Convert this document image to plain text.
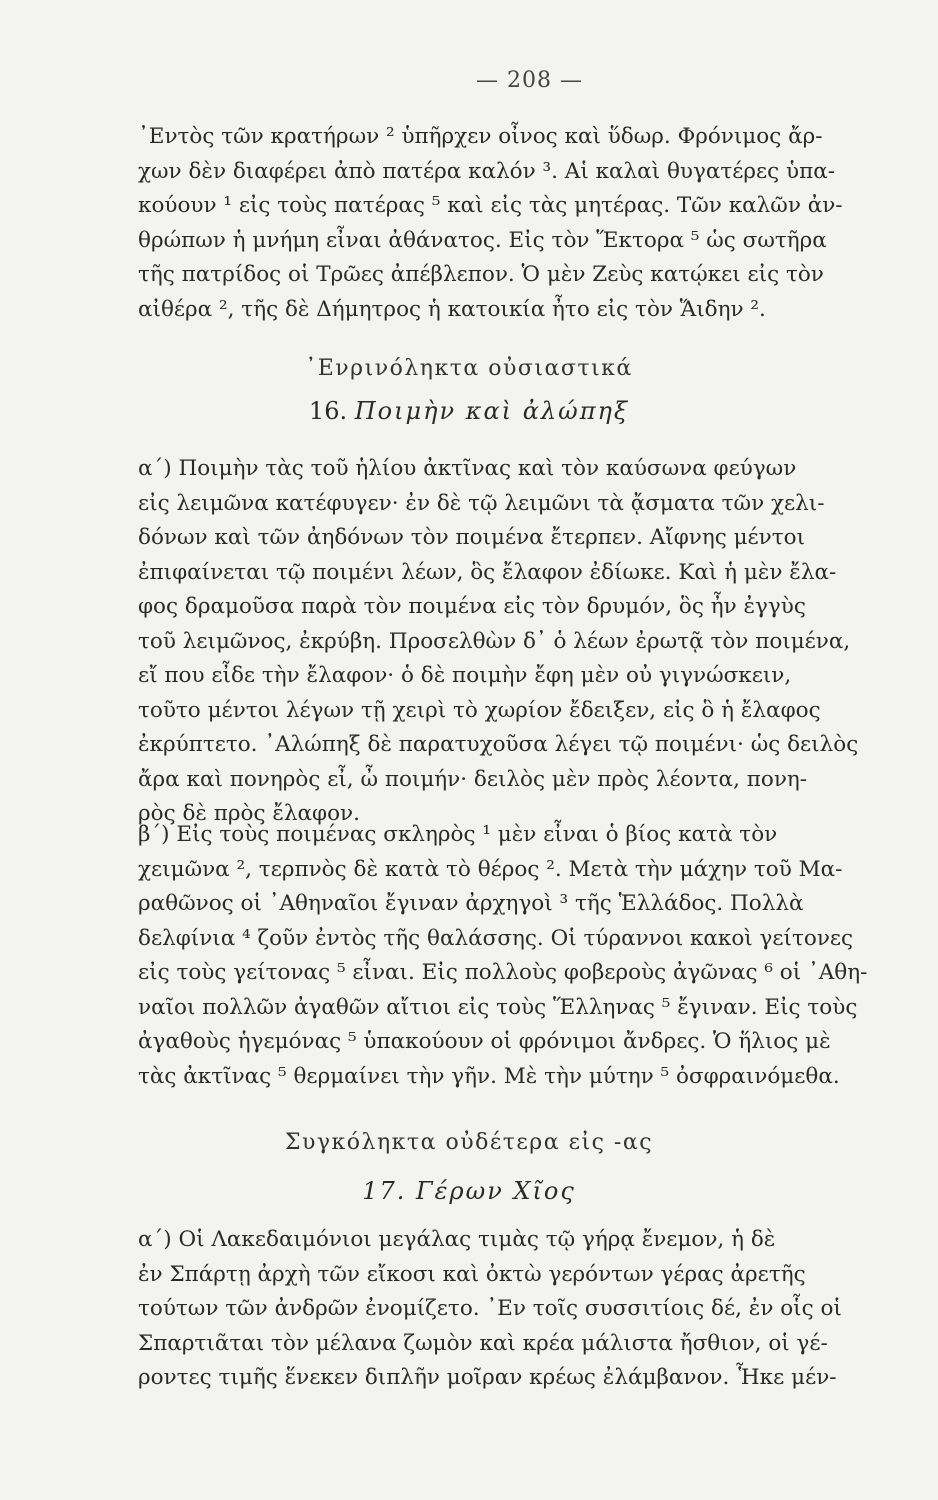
— 208 —
᾿Εντὸς τῶν κρατήρων ² ὑπῆρχεν οἶνος καὶ ὕδωρ. Φρόνιμος ἄρ-
χων δὲν διαφέρει ἀπὸ πατέρα καλόν ³. Αἱ καλαὶ θυγατέρες ὑπα-
κούουν ¹ εἰς τοὺς πατέρας ⁵ καὶ εἰς τὰς μητέρας. Τῶν καλῶν ἀν-
θρώπων ἡ μνήμη εἶναι ἀθάνατος. Εἰς τὸν Ἕκτορα ⁵ ὡς σωτῆρα
τῆς πατρίδος οἱ Τρῶες ἀπέβλεπον. Ὁ μὲν Ζεὺς κατῴκει εἰς τὸν
αἰθέρα ², τῆς δὲ Δήμητρος ἡ κατοικία ἦτο εἰς τὸν Ἅιδην ².
᾿Ενρινόληκτα οὐσιαστικά
16. Ποιμὴν καὶ ἀλώπηξ
α΄) Ποιμὴν τὰς τοῦ ἡλίου ἀκτῖνας καὶ τὸν καύσωνα φεύγων
εἰς λειμῶνα κατέφυγεν· ἐν δὲ τῷ λειμῶνι τὰ ᾄσματα τῶν χελι-
δόνων καὶ τῶν ἀηδόνων τὸν ποιμένα ἔτερπεν. Αἴφνης μέντοι
ἐπιφαίνεται τῷ ποιμένι λέων, ὃς ἔλαφον ἐδίωκε. Καὶ ἡ μὲν ἔλα-
φος δραμοῦσα παρὰ τὸν ποιμένα εἰς τὸν δρυμόν, ὃς ἦν ἐγγὺς
τοῦ λειμῶνος, ἐκρύβη. Προσελθὼν δ᾿ ὁ λέων ἐρωτᾷ τὸν ποιμένα,
εἴ που εἶδε τὴν ἔλαφον· ὁ δὲ ποιμὴν ἔφη μὲν οὐ γιγνώσκειν,
τοῦτο μέντοι λέγων τῇ χειρὶ τὸ χωρίον ἔδειξεν, εἰς ὃ ἡ ἔλαφος
ἐκρύπτετο. ᾿Αλώπηξ δὲ παρατυχοῦσα λέγει τῷ ποιμένι· ὡς δειλὸς
ἄρα καὶ πονηρὸς εἶ, ὦ ποιμήν· δειλὸς μὲν πρὸς λέοντα, πονη-
ρὸς δὲ πρὸς ἔλαφον.
β΄) Εἰς τοὺς ποιμένας σκληρὸς ¹ μὲν εἶναι ὁ βίος κατὰ τὸν
χειμῶνα ², τερπνὸς δὲ κατὰ τὸ θέρος ². Μετὰ τὴν μάχην τοῦ Μα-
ραθῶνος οἱ ᾿Αθηναῖοι ἔγιναν ἀρχηγοὶ ³ τῆς Ἑλλάδος. Πολλὰ
δελφίνια ⁴ ζοῦν ἐντὸς τῆς θαλάσσης. Οἱ τύραννοι κακοὶ γείτονες
εἰς τοὺς γείτονας ⁵ εἶναι. Εἰς πολλοὺς φοβεροὺς ἀγῶνας ⁶ οἱ ᾿Αθη-
ναῖοι πολλῶν ἀγαθῶν αἴτιοι εἰς τοὺς Ἕλληνας ⁵ ἔγιναν. Εἰς τοὺς
ἀγαθοὺς ἡγεμόνας ⁵ ὑπακούουν οἱ φρόνιμοι ἄνδρες. Ὁ ἥλιος μὲ
τὰς ἀκτῖνας ⁵ θερμαίνει τὴν γῆν. Μὲ τὴν μύτην ⁵ ὀσφραινόμεθα.
Συγκόληκτα οὐδέτερα εἰς -ας
17. Γέρων Χῖος
α΄) Οἱ Λακεδαιμόνιοι μεγάλας τιμὰς τῷ γήρᾳ ἔνεμον, ἡ δὲ
ἐν Σπάρτῃ ἀρχὴ τῶν εἴκοσι καὶ ὀκτὼ γερόντων γέρας ἀρετῆς
τούτων τῶν ἀνδρῶν ἐνομίζετο. ᾿Εν τοῖς συσσιτίοις δέ, ἐν οἷς οἱ
Σπαρτιᾶται τὸν μέλανα ζωμὸν καὶ κρέα μάλιστα ἤσθιον, οἱ γέ-
ροντες τιμῆς ἕνεκεν διπλῆν μοῖραν κρέως ἐλάμβανον. Ἧκε μέν-
